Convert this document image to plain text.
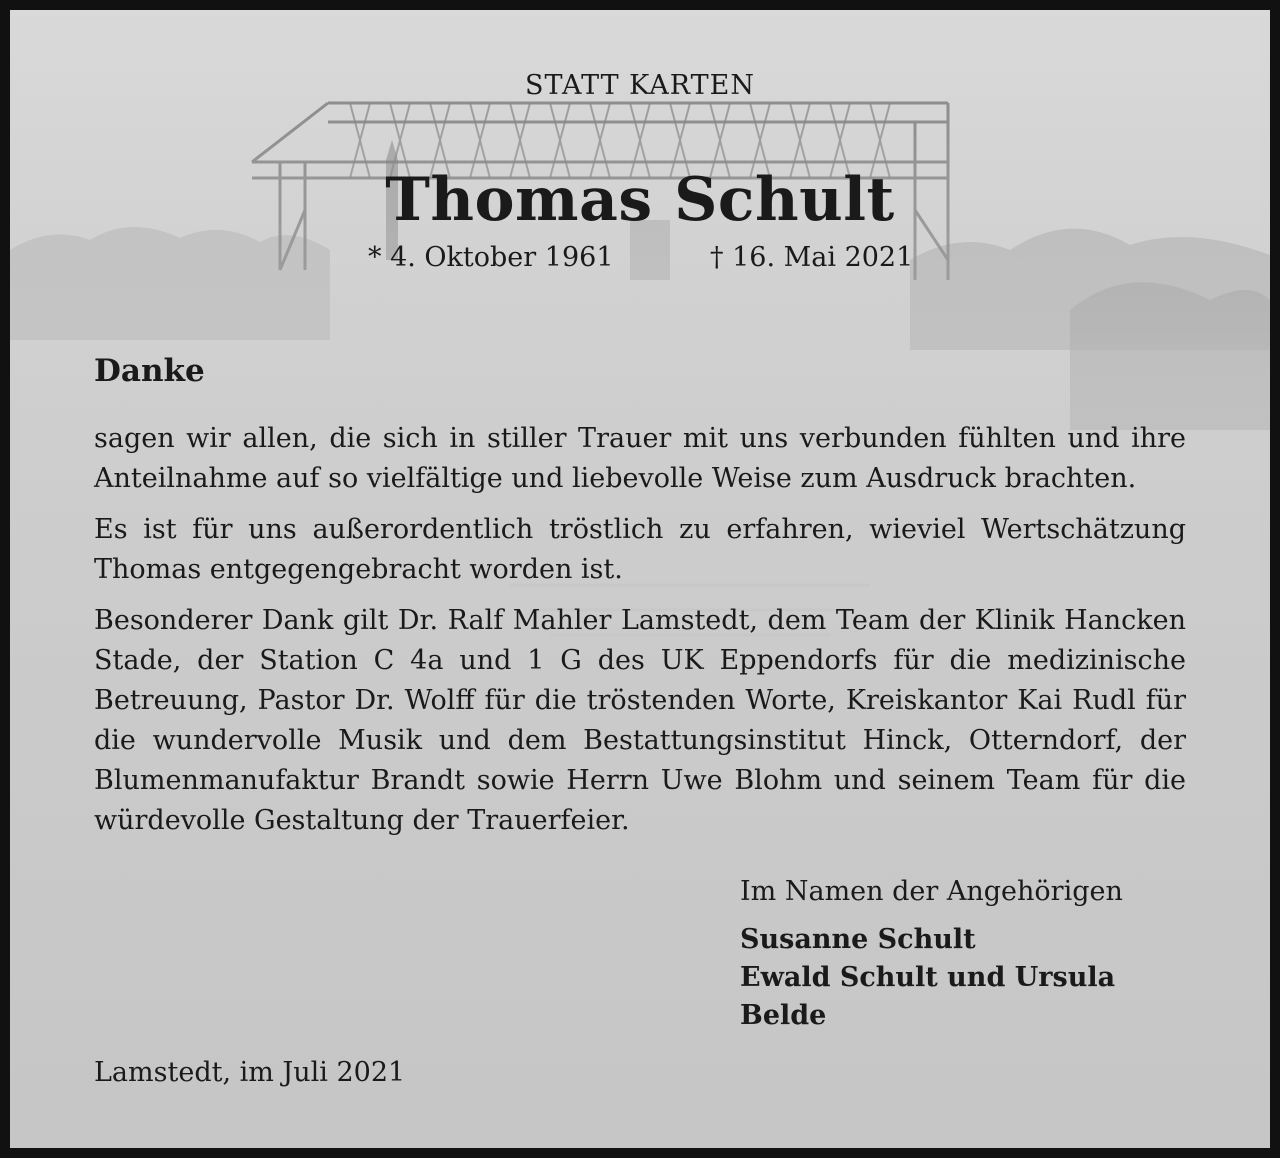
STATT KARTEN
Thomas Schult
* 4. Oktober 1961	† 16. Mai 2021
Danke

sagen wir allen, die sich in stiller Trauer mit uns verbunden fühlten und ihre Anteilnahme auf so vielfältige und liebevolle Weise zum Ausdruck brachten.

Es ist für uns außerordentlich tröstlich zu erfahren, wieviel Wertschätzung Thomas entgegengebracht worden ist.

Besonderer Dank gilt Dr. Ralf Mahler Lamstedt, dem Team der Klinik Hancken Stade, der Station C 4a und 1 G des UK Eppendorfs für die medizinische Betreuung, Pastor Dr. Wolff für die tröstenden Worte, Kreiskantor Kai Rudl für die wundervolle Musik und dem Bestattungsinstitut Hinck, Otterndorf, der Blumenmanufaktur Brandt sowie Herrn Uwe Blohm und seinem Team für die würdevolle Gestaltung der Trauerfeier.

Im Namen der Angehörigen

Susanne Schult

Ewald Schult und Ursula Belde

Lamstedt, im Juli 2021
